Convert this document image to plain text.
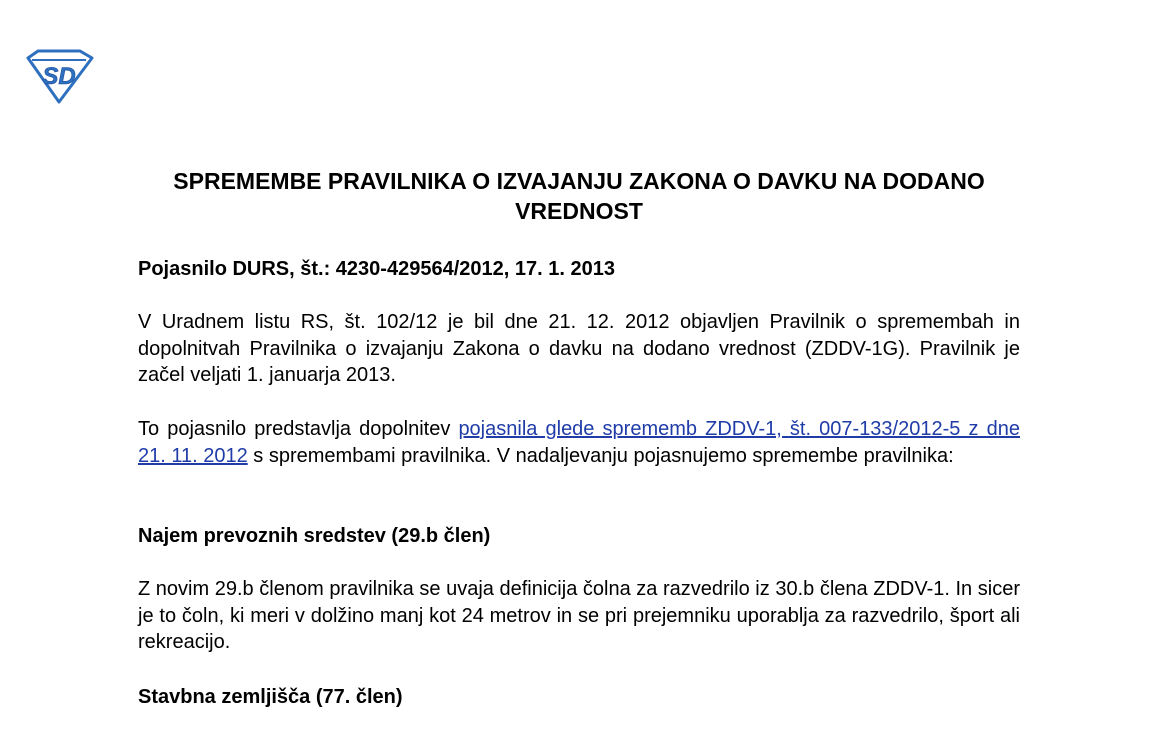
SD
SPREMEMBE PRAVILNIKA O IZVAJANJU ZAKONA O DAVKU NA DODANO VREDNOST

Pojasnilo DURS, št.: 4230-429564/2012, 17. 1. 2013

V Uradnem listu RS, št. 102/12 je bil dne 21. 12. 2012 objavljen Pravilnik o spremembah in dopolnitvah Pravilnika o izvajanju Zakona o davku na dodano vrednost (ZDDV-1G). Pravilnik je začel veljati 1. januarja 2013.

To pojasnilo predstavlja dopolnitev pojasnila glede sprememb ZDDV-1, št. 007-133/2012-5 z dne 21. 11. 2012 s spremembami pravilnika. V nadaljevanju pojasnujemo spremembe pravilnika:

Najem prevoznih sredstev (29.b člen)

Z novim 29.b členom pravilnika se uvaja definicija čolna za razvedrilo iz 30.b člena ZDDV-1. In sicer je to čoln, ki meri v dolžino manj kot 24 metrov in se pri prejemniku uporablja za razvedrilo, šport ali rekreacijo.

Stavbna zemljišča (77. člen)
